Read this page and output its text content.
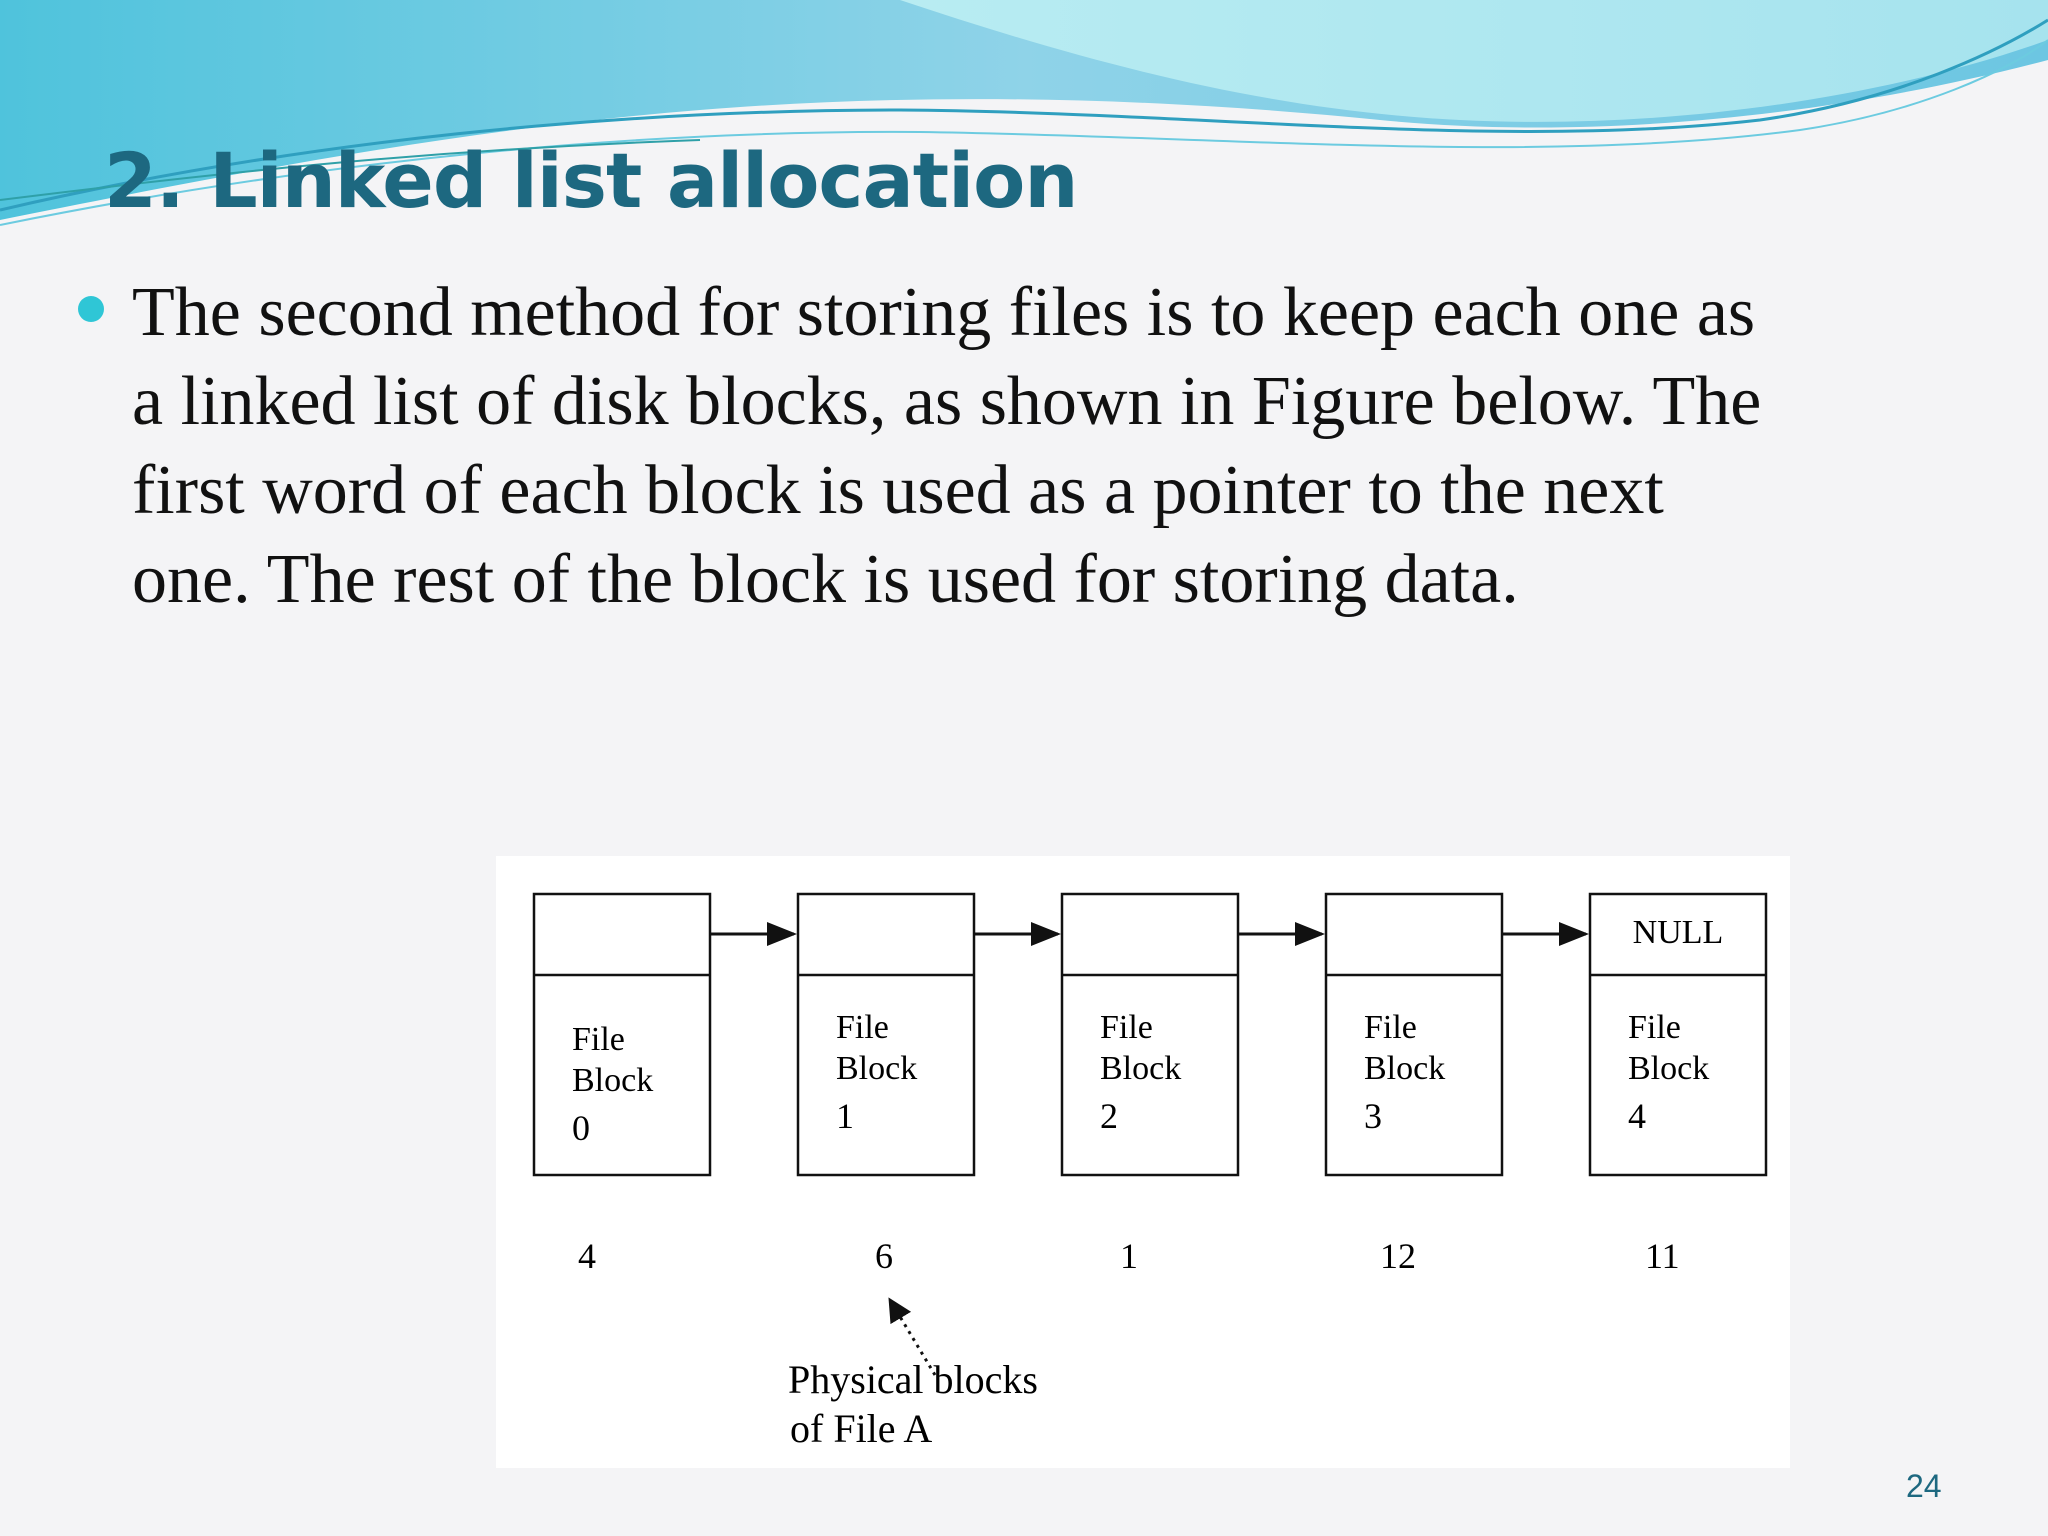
2. Linked list allocation

The second method for storing files is to keep each one as
a linked list of disk blocks, as shown in Figure below. The
first word of each block is used as a pointer to the next
one. The rest of the block is used for storing data.

File
Block
0
4
File
Block
1
6
File
Block
2
1
File
Block
3
12
NULL
File
Block
4
11
Physical blocks
of File A
24
